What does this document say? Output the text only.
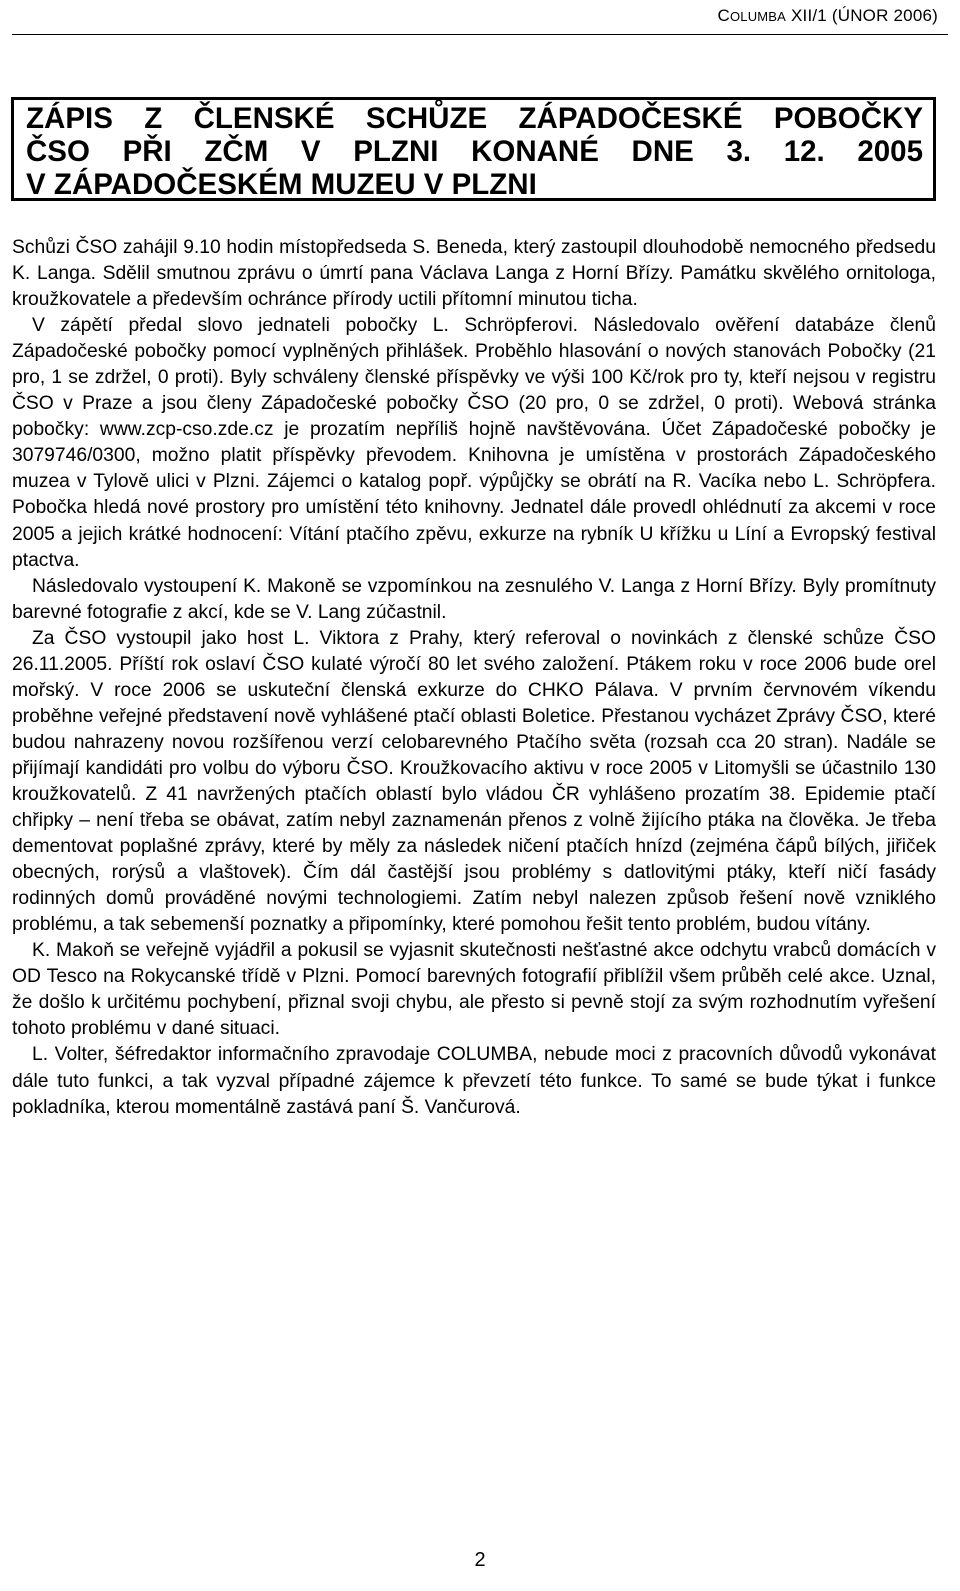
COLUMBA XII/1 (ÚNOR 2006)
ZÁPIS Z ČLENSKÉ SCHŮZE ZÁPADOČESKÉ POBOČKY
ČSO PŘI ZČM V PLZNI KONANÉ DNE 3. 12. 2005
V ZÁPADOČESKÉM MUZEU V PLZNI

Schůzi ČSO zahájil 9.10 hodin místopředseda S. Beneda, který zastoupil dlouhodobě nemocného předsedu K. Langa. Sdělil smutnou zprávu o úmrtí pana Václava Langa z Horní Břízy. Památku skvělého ornitologa, kroužkovatele a především ochránce přírody uctili přítomní minutou ticha.

V zápětí předal slovo jednateli pobočky L. Schröpferovi. Následovalo ověření databáze členů Západočeské pobočky pomocí vyplněných přihlášek. Proběhlo hlasování o nových stanovách Pobočky (21 pro, 1 se zdržel, 0 proti). Byly schváleny členské příspěvky ve výši 100 Kč/rok pro ty, kteří nejsou v registru ČSO v Praze a jsou členy Západočeské pobočky ČSO (20 pro, 0 se zdržel, 0 proti). Webová stránka pobočky: www.zcp-cso.zde.cz je prozatím nepříliš hojně navštěvována. Účet Západočeské pobočky je 3079746/0300, možno platit příspěvky převodem. Knihovna je umístěna v prostorách Západočeského muzea v Tylově ulici v Plzni. Zájemci o katalog popř. výpůjčky se obrátí na R. Vacíka nebo L. Schröpfera. Pobočka hledá nové prostory pro umístění této knihovny. Jednatel dále provedl ohlédnutí za akcemi v roce 2005 a jejich krátké hodnocení: Vítání ptačího zpěvu, exkurze na rybník U křížku u Líní a Evropský festival ptactva.

Následovalo vystoupení K. Makoně se vzpomínkou na zesnulého V. Langa z Horní Břízy. Byly promítnuty barevné fotografie z akcí, kde se V. Lang zúčastnil.

Za ČSO vystoupil jako host L. Viktora z Prahy, který referoval o novinkách z členské schůze ČSO 26.11.2005. Příští rok oslaví ČSO kulaté výročí 80 let svého založení. Ptákem roku v roce 2006 bude orel mořský. V roce 2006 se uskuteční členská exkurze do CHKO Pálava. V prvním červnovém víkendu proběhne veřejné představení nově vyhlášené ptačí oblasti Boletice. Přestanou vycházet Zprávy ČSO, které budou nahrazeny novou rozšířenou verzí celobarevného Ptačího světa (rozsah cca 20 stran). Nadále se přijímají kandidáti pro volbu do výboru ČSO. Kroužkovacího aktivu v roce 2005 v Litomyšli se účastnilo 130 kroužkovatelů. Z 41 navržených ptačích oblastí bylo vládou ČR vyhlášeno prozatím 38. Epidemie ptačí chřipky – není třeba se obávat, zatím nebyl zaznamenán přenos z volně žijícího ptáka na člověka. Je třeba dementovat poplašné zprávy, které by měly za následek ničení ptačích hnízd (zejména čápů bílých, jiřiček obecných, rorýsů a vlaštovek). Čím dál častější jsou problémy s datlovitými ptáky, kteří ničí fasády rodinných domů prováděné novými technologiemi. Zatím nebyl nalezen způsob řešení nově vzniklého problému, a tak sebemenší poznatky a připomínky, které pomohou řešit tento problém, budou vítány.

K. Makoň se veřejně vyjádřil a pokusil se vyjasnit skutečnosti nešťastné akce odchytu vrabců domácích v OD Tesco na Rokycanské třídě v Plzni. Pomocí barevných fotografií přiblížil všem průběh celé akce. Uznal, že došlo k určitému pochybení, přiznal svoji chybu, ale přesto si pevně stojí za svým rozhodnutím vyřešení tohoto problému v dané situaci.

L. Volter, šéfredaktor informačního zpravodaje COLUMBA, nebude moci z pracovních důvodů vykonávat dále tuto funkci, a tak vyzval případné zájemce k převzetí této funkce. To samé se bude týkat i funkce pokladníka, kterou momentálně zastává paní Š. Vančurová.

2
